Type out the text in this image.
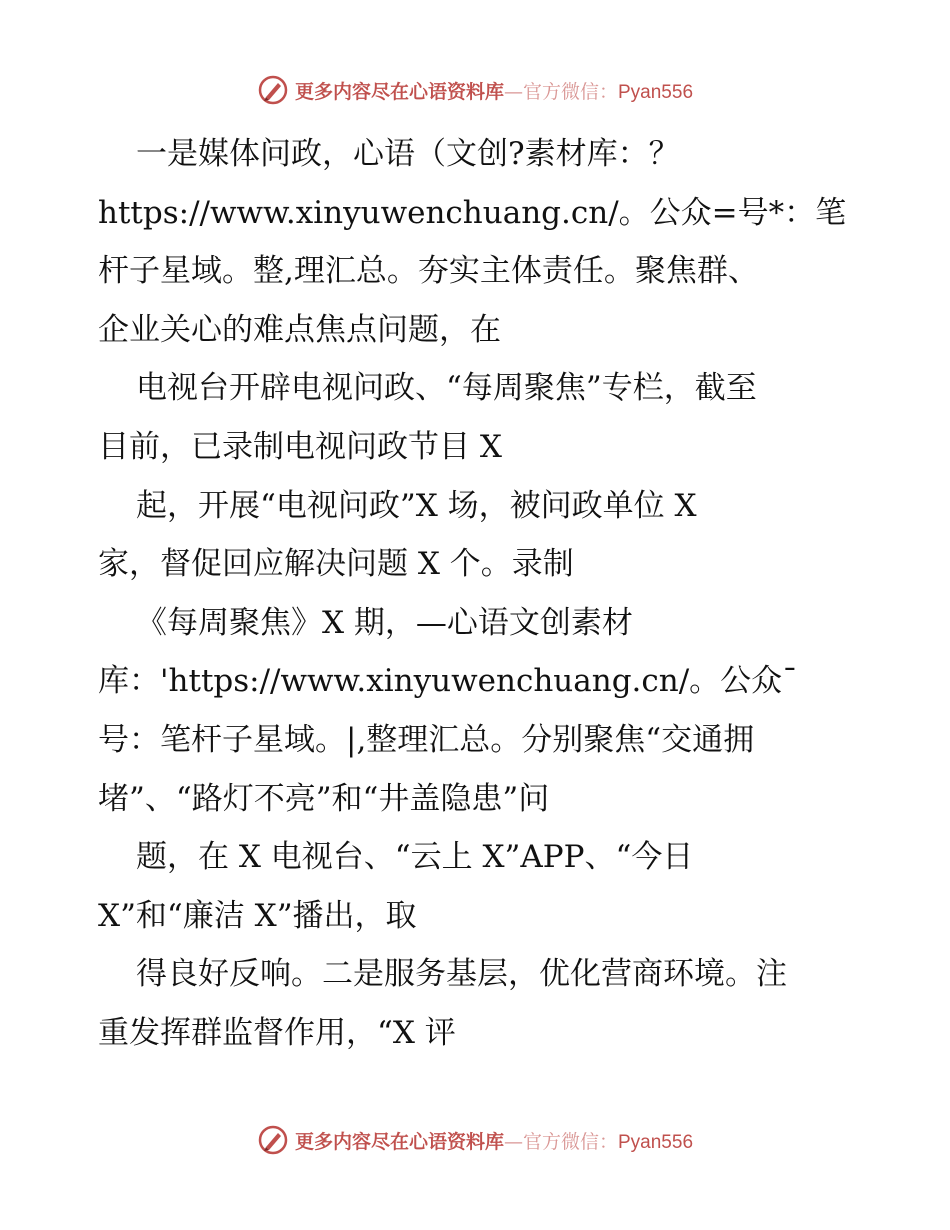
更多内容尽在心语资料库—官方微信：Pyan556
一是媒体问政，心语（文创?素材库：？
https://www.xinyuwenchuang.cn/。公众=号*：笔
杆子星域。整,理汇总。夯实主体责任。聚焦群、
企业关心的难点焦点问题，在
电视台开辟电视问政、“每周聚焦”专栏，截至
目前，已录制电视问政节目 X
起，开展“电视问政”X 场，被问政单位 X
家，督促回应解决问题 X 个。录制
《每周聚焦》X 期，—心语文创素材
库：'https://www.xinyuwenchuang.cn/。公众¯
号：笔杆子星域。|,整理汇总。分别聚焦“交通拥
堵”、“路灯不亮”和“井盖隐患”问
题，在 X 电视台、“云上 X”APP、“今日
X”和“廉洁 X”播出，取
得良好反响。二是服务基层，优化营商环境。注
重发挥群监督作用，“X 评
更多内容尽在心语资料库—官方微信：Pyan556
